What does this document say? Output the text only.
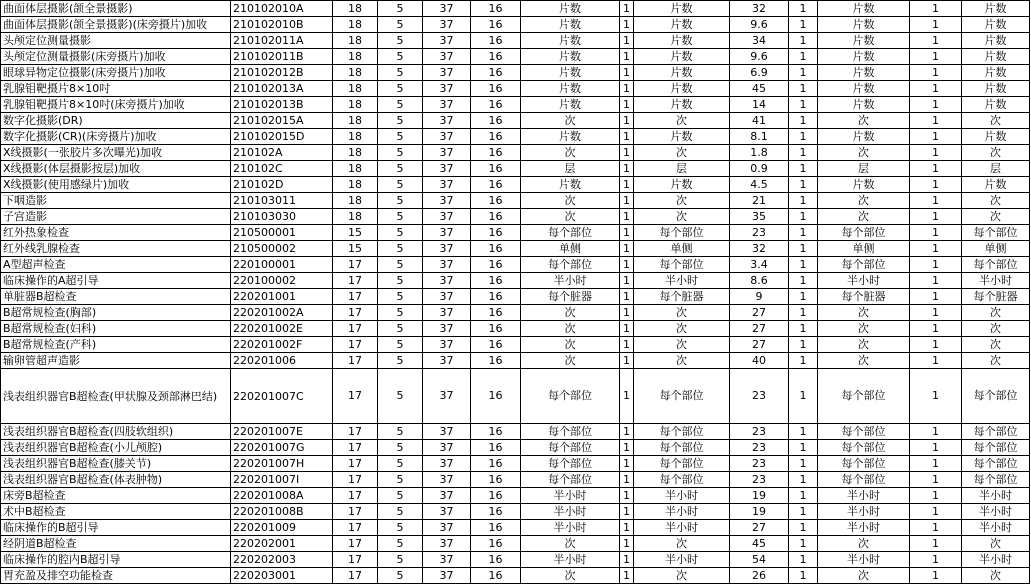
曲面体层摄影(颌全景摄影)	210102010A	18	5	37	16	片数	1	片数	32	1	片数	1	片数
曲面体层摄影(颌全景摄影)(床旁摄片)加收	210102010B	18	5	37	16	片数	1	片数	9.6	1	片数	1	片数
头颅定位测量摄影	210102011A	18	5	37	16	片数	1	片数	34	1	片数	1	片数
头颅定位测量摄影(床旁摄片)加收	210102011B	18	5	37	16	片数	1	片数	9.6	1	片数	1	片数
眼球异物定位摄影(床旁摄片)加收	210102012B	18	5	37	16	片数	1	片数	6.9	1	片数	1	片数
乳腺钼靶摄片8×10吋	210102013A	18	5	37	16	片数	1	片数	45	1	片数	1	片数
乳腺钼靶摄片8×10吋(床旁摄片)加收	210102013B	18	5	37	16	片数	1	片数	14	1	片数	1	片数
数字化摄影(DR)	210102015A	18	5	37	16	次	1	次	41	1	次	1	次
数字化摄影(CR)(床旁摄片)加收	210102015D	18	5	37	16	片数	1	片数	8.1	1	片数	1	片数
X线摄影(一张胶片多次曝光)加收	210102A	18	5	37	16	次	1	次	1.8	1	次	1	次
X线摄影(体层摄影按层)加收	210102C	18	5	37	16	层	1	层	0.9	1	层	1	层
X线摄影(使用感绿片)加收	210102D	18	5	37	16	片数	1	片数	4.5	1	片数	1	片数
下咽造影	210103011	18	5	37	16	次	1	次	21	1	次	1	次
子宫造影	210103030	18	5	37	16	次	1	次	35	1	次	1	次
红外热象检查	210500001	15	5	37	16	每个部位	1	每个部位	23	1	每个部位	1	每个部位
红外线乳腺检查	210500002	15	5	37	16	单侧	1	单侧	32	1	单侧	1	单侧
A型超声检查	220100001	17	5	37	16	每个部位	1	每个部位	3.4	1	每个部位	1	每个部位
临床操作的A超引导	220100002	17	5	37	16	半小时	1	半小时	8.6	1	半小时	1	半小时
单脏器B超检查	220201001	17	5	37	16	每个脏器	1	每个脏器	9	1	每个脏器	1	每个脏器
B超常规检查(胸部)	220201002A	17	5	37	16	次	1	次	27	1	次	1	次
B超常规检查(妇科)	220201002E	17	5	37	16	次	1	次	27	1	次	1	次
B超常规检查(产科)	220201002F	17	5	37	16	次	1	次	27	1	次	1	次
输卵管超声造影	220201006	17	5	37	16	次	1	次	40	1	次	1	次
浅表组织器官B超检查(甲状腺及颈部淋巴结)	220201007C	17	5	37	16	每个部位	1	每个部位	23	1	每个部位	1	每个部位
浅表组织器官B超检查(四肢软组织)	220201007E	17	5	37	16	每个部位	1	每个部位	23	1	每个部位	1	每个部位
浅表组织器官B超检查(小儿颅腔)	220201007G	17	5	37	16	每个部位	1	每个部位	23	1	每个部位	1	每个部位
浅表组织器官B超检查(膝关节)	220201007H	17	5	37	16	每个部位	1	每个部位	23	1	每个部位	1	每个部位
浅表组织器官B超检查(体表肿物)	220201007I	17	5	37	16	每个部位	1	每个部位	23	1	每个部位	1	每个部位
床旁B超检查	220201008A	17	5	37	16	半小时	1	半小时	19	1	半小时	1	半小时
术中B超检查	220201008B	17	5	37	16	半小时	1	半小时	19	1	半小时	1	半小时
临床操作的B超引导	220201009	17	5	37	16	半小时	1	半小时	27	1	半小时	1	半小时
经阴道B超检查	220202001	17	5	37	16	次	1	次	45	1	次	1	次
临床操作的腔内B超引导	220202003	17	5	37	16	半小时	1	半小时	54	1	半小时	1	半小时
胃充盈及排空功能检查	220203001	17	5	37	16	次	1	次	26	1	次	1	次
